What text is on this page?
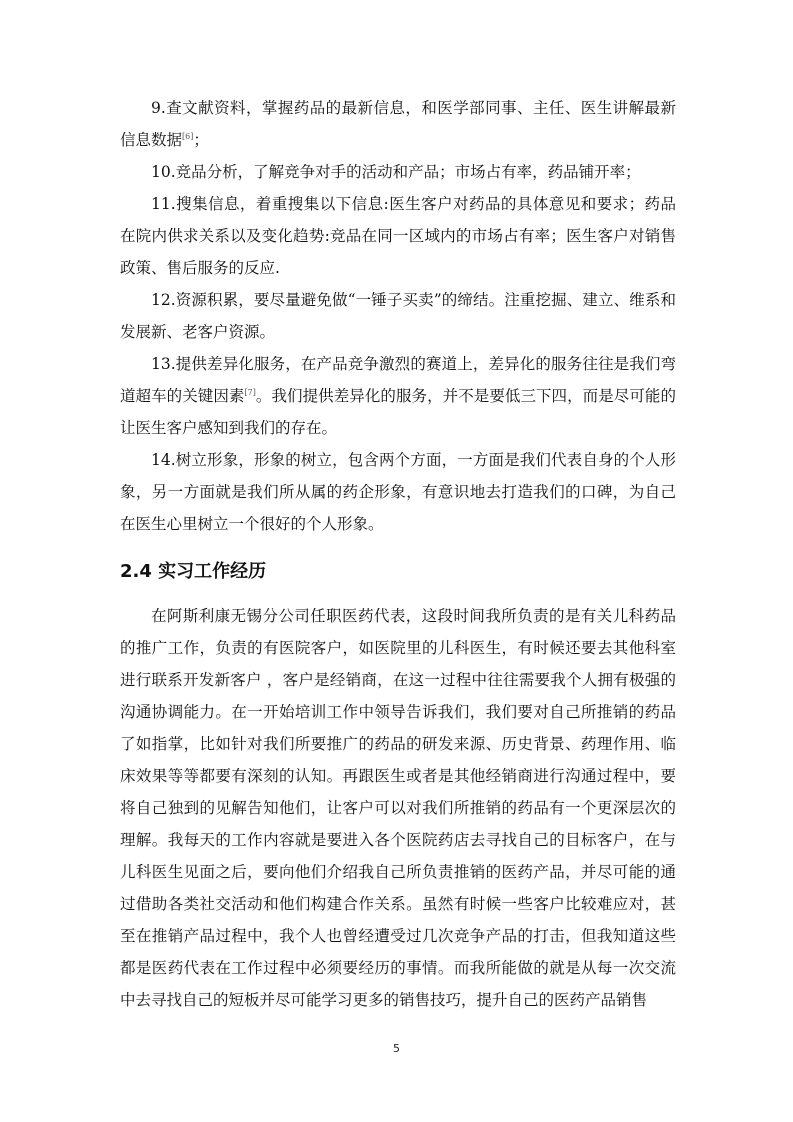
9.查文献资料，掌握药品的最新信息，和医学部同事、主任、医生讲解最新信息数据[6]；

10.竞品分析，了解竞争对手的活动和产品；市场占有率，药品铺开率；

11.搜集信息，着重搜集以下信息:医生客户对药品的具体意见和要求；药品在院内供求关系以及变化趋势:竞品在同一区域内的市场占有率；医生客户对销售政策、售后服务的反应.

12.资源积累，要尽量避免做“一锤子买卖”的缔结。注重挖掘、建立、维系和发展新、老客户资源。

13.提供差异化服务，在产品竞争激烈的赛道上，差异化的服务往往是我们弯道超车的关键因素[7]。我们提供差异化的服务，并不是要低三下四，而是尽可能的让医生客户感知到我们的存在。

14.树立形象，形象的树立，包含两个方面，一方面是我们代表自身的个人形象，另一方面就是我们所从属的药企形象，有意识地去打造我们的口碑，为自己在医生心里树立一个很好的个人形象。

2.4 实习工作经历

在阿斯利康无锡分公司任职医药代表，这段时间我所负责的是有关儿科药品的推广工作，负责的有医院客户，如医院里的儿科医生，有时候还要去其他科室进行联系开发新客户 ，客户是经销商，在这一过程中往往需要我个人拥有极强的沟通协调能力。在一开始培训工作中领导告诉我们，我们要对自己所推销的药品了如指掌，比如针对我们所要推广的药品的研发来源、历史背景、药理作用、临床效果等等都要有深刻的认知。再跟医生或者是其他经销商进行沟通过程中，要将自己独到的见解告知他们，让客户可以对我们所推销的药品有一个更深层次的理解。我每天的工作内容就是要进入各个医院药店去寻找自己的目标客户，在与儿科医生见面之后，要向他们介绍我自己所负责推销的医药产品，并尽可能的通过借助各类社交活动和他们构建合作关系。虽然有时候一些客户比较难应对，甚至在推销产品过程中，我个人也曾经遭受过几次竞争产品的打击，但我知道这些都是医药代表在工作过程中必须要经历的事情。而我所能做的就是从每一次交流中去寻找自己的短板并尽可能学习更多的销售技巧，提升自己的医药产品销售

5
